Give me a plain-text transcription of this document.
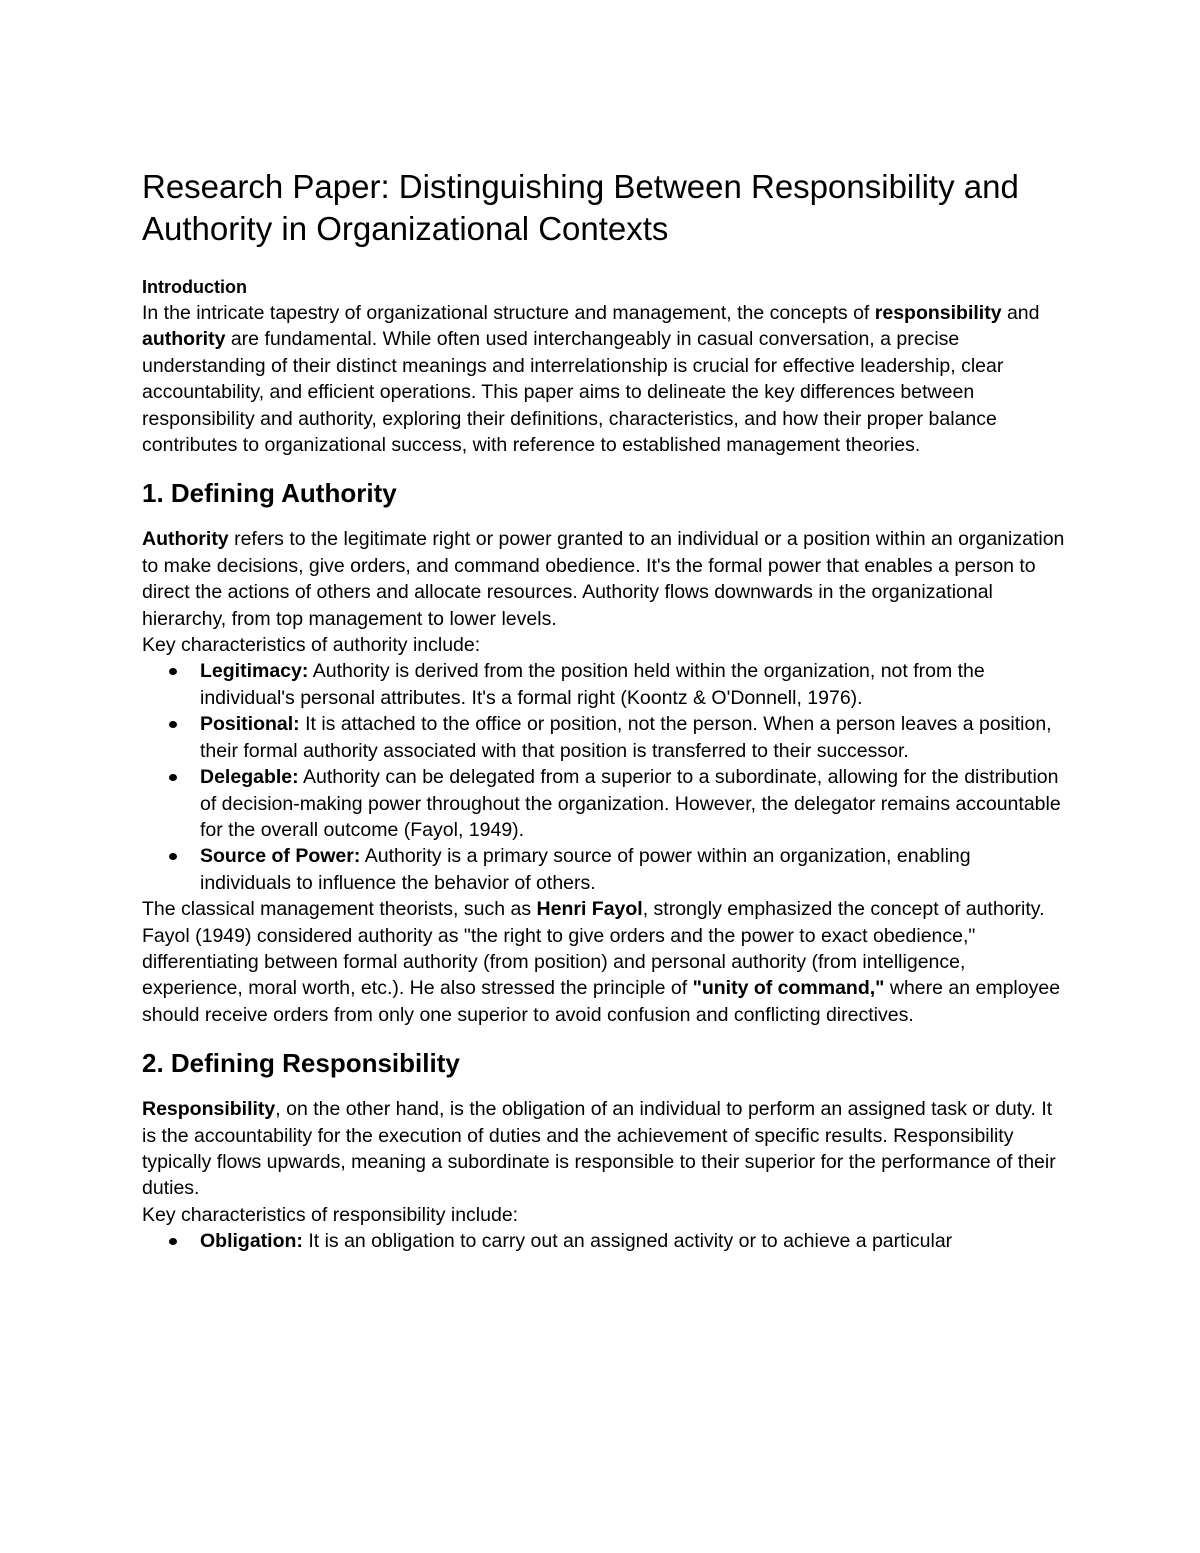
Research Paper: Distinguishing Between Responsibility and Authority in Organizational Contexts
Introduction

In the intricate tapestry of organizational structure and management, the concepts of responsibility and authority are fundamental. While often used interchangeably in casual conversation, a precise understanding of their distinct meanings and interrelationship is crucial for effective leadership, clear accountability, and efficient operations. This paper aims to delineate the key differences between responsibility and authority, exploring their definitions, characteristics, and how their proper balance contributes to organizational success, with reference to established management theories.

1. Defining Authority

Authority refers to the legitimate right or power granted to an individual or a position within an organization to make decisions, give orders, and command obedience. It's the formal power that enables a person to direct the actions of others and allocate resources. Authority flows downwards in the organizational hierarchy, from top management to lower levels.

Key characteristics of authority include:

Legitimacy: Authority is derived from the position held within the organization, not from the individual's personal attributes. It's a formal right (Koontz & O'Donnell, 1976).
Positional: It is attached to the office or position, not the person. When a person leaves a position, their formal authority associated with that position is transferred to their successor.
Delegable: Authority can be delegated from a superior to a subordinate, allowing for the distribution of decision-making power throughout the organization. However, the delegator remains accountable for the overall outcome (Fayol, 1949).
Source of Power: Authority is a primary source of power within an organization, enabling individuals to influence the behavior of others.

The classical management theorists, such as Henri Fayol, strongly emphasized the concept of authority. Fayol (1949) considered authority as "the right to give orders and the power to exact obedience," differentiating between formal authority (from position) and personal authority (from intelligence, experience, moral worth, etc.). He also stressed the principle of "unity of command," where an employee should receive orders from only one superior to avoid confusion and conflicting directives.

2. Defining Responsibility

Responsibility, on the other hand, is the obligation of an individual to perform an assigned task or duty. It is the accountability for the execution of duties and the achievement of specific results. Responsibility typically flows upwards, meaning a subordinate is responsible to their superior for the performance of their duties.

Key characteristics of responsibility include:

Obligation: It is an obligation to carry out an assigned activity or to achieve a particular
